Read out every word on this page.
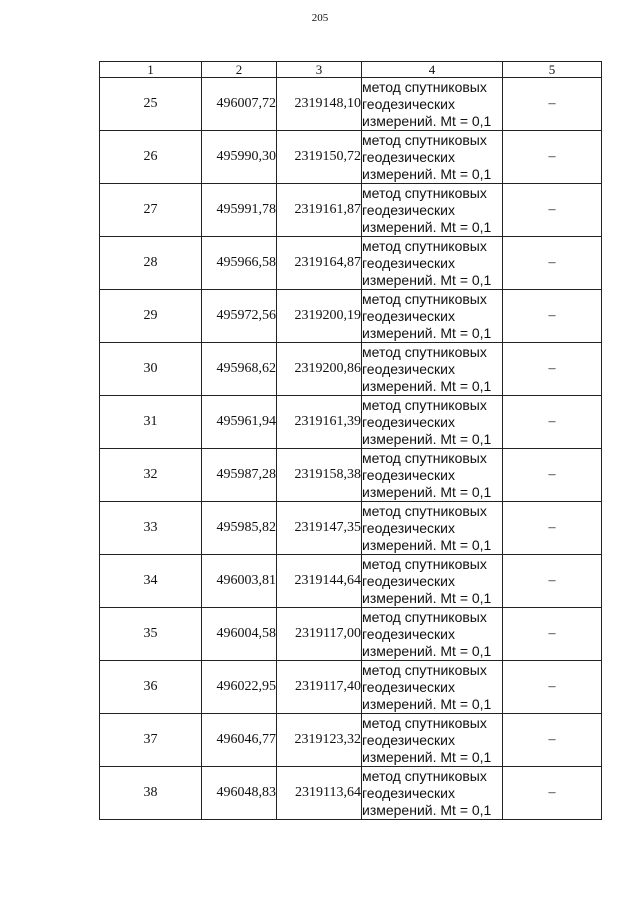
205
1	2	3	4	5
25	496007,72	2319148,10	метод спутниковых
геодезических
измерений. Mt = 0,1	–
26	495990,30	2319150,72	метод спутниковых
геодезических
измерений. Mt = 0,1	–
27	495991,78	2319161,87	метод спутниковых
геодезических
измерений. Mt = 0,1	–
28	495966,58	2319164,87	метод спутниковых
геодезических
измерений. Mt = 0,1	–
29	495972,56	2319200,19	метод спутниковых
геодезических
измерений. Mt = 0,1	–
30	495968,62	2319200,86	метод спутниковых
геодезических
измерений. Mt = 0,1	–
31	495961,94	2319161,39	метод спутниковых
геодезических
измерений. Mt = 0,1	–
32	495987,28	2319158,38	метод спутниковых
геодезических
измерений. Mt = 0,1	–
33	495985,82	2319147,35	метод спутниковых
геодезических
измерений. Mt = 0,1	–
34	496003,81	2319144,64	метод спутниковых
геодезических
измерений. Mt = 0,1	–
35	496004,58	2319117,00	метод спутниковых
геодезических
измерений. Mt = 0,1	–
36	496022,95	2319117,40	метод спутниковых
геодезических
измерений. Mt = 0,1	–
37	496046,77	2319123,32	метод спутниковых
геодезических
измерений. Mt = 0,1	–
38	496048,83	2319113,64	метод спутниковых
геодезических
измерений. Mt = 0,1	–
